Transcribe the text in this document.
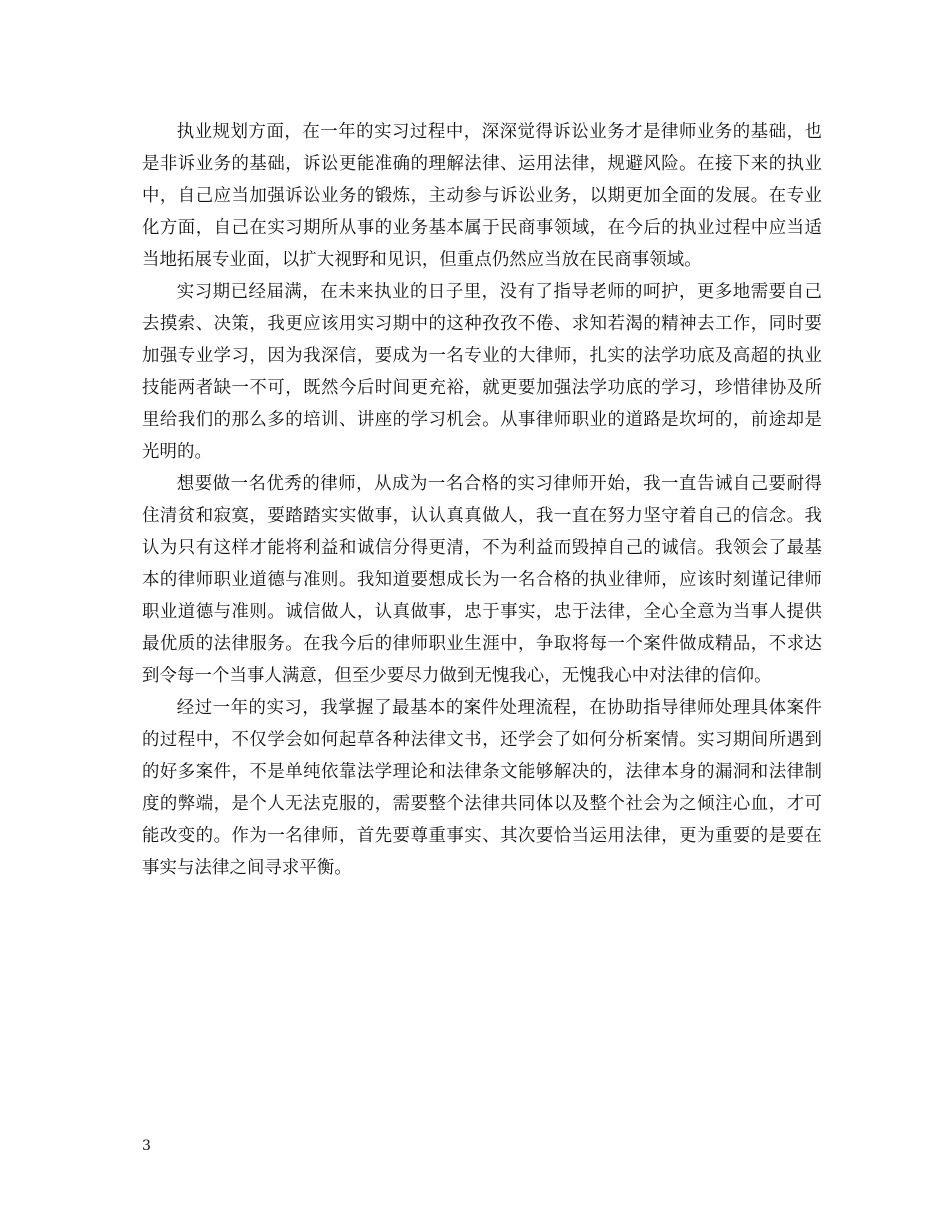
执业规划方面，在一年的实习过程中，深深觉得诉讼业务才是律师业务的基础，也是非诉业务的基础，诉讼更能准确的理解法律、运用法律，规避风险。在接下来的执业中，自己应当加强诉讼业务的锻炼，主动参与诉讼业务，以期更加全面的发展。在专业化方面，自己在实习期所从事的业务基本属于民商事领域，在今后的执业过程中应当适当地拓展专业面，以扩大视野和见识，但重点仍然应当放在民商事领域。

实习期已经届满，在未来执业的日子里，没有了指导老师的呵护，更多地需要自己去摸索、决策，我更应该用实习期中的这种孜孜不倦、求知若渴的精神去工作，同时要加强专业学习，因为我深信，要成为一名专业的大律师，扎实的法学功底及高超的执业技能两者缺一不可，既然今后时间更充裕，就更要加强法学功底的学习，珍惜律协及所里给我们的那么多的培训、讲座的学习机会。从事律师职业的道路是坎坷的，前途却是光明的。

想要做一名优秀的律师，从成为一名合格的实习律师开始，我一直告诫自己要耐得住清贫和寂寞，要踏踏实实做事，认认真真做人，我一直在努力坚守着自己的信念。我认为只有这样才能将利益和诚信分得更清，不为利益而毁掉自己的诚信。我领会了最基本的律师职业道德与准则。我知道要想成长为一名合格的执业律师，应该时刻谨记律师职业道德与准则。诚信做人，认真做事，忠于事实，忠于法律，全心全意为当事人提供最优质的法律服务。在我今后的律师职业生涯中，争取将每一个案件做成精品，不求达到令每一个当事人满意，但至少要尽力做到无愧我心，无愧我心中对法律的信仰。

经过一年的实习，我掌握了最基本的案件处理流程，在协助指导律师处理具体案件的过程中，不仅学会如何起草各种法律文书，还学会了如何分析案情。实习期间所遇到的好多案件，不是单纯依靠法学理论和法律条文能够解决的，法律本身的漏洞和法律制度的弊端，是个人无法克服的，需要整个法律共同体以及整个社会为之倾注心血，才可能改变的。作为一名律师，首先要尊重事实、其次要恰当运用法律，更为重要的是要在事实与法律之间寻求平衡。

3
